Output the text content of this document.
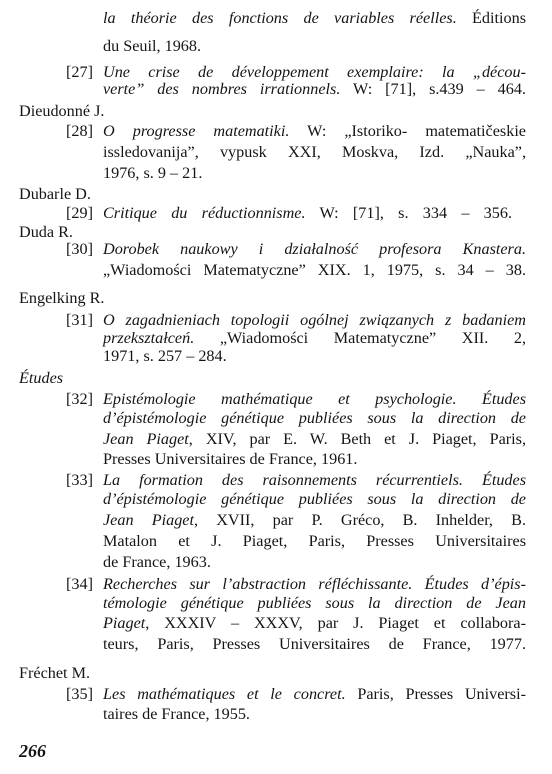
la théorie des fonctions de variables réelles. Éditions
du Seuil, 1968.
[27] Une crise de développement exemplaire: la „décou-
verte” des nombres irrationnels. W: [71], s.439 – 464.
Dieudonné J.
[28] O progresse matematiki. W: „Istoriko- matematičeskie
issledovanija”, vypusk XXI, Moskva, Izd. „Nauka”,
1976, s. 9 – 21.
Dubarle D.
[29] Critique du réductionnisme. W: [71], s. 334 – 356.
Duda R.
[30] Dorobek naukowy i działalność profesora Knastera.
„Wiadomości Matematyczne” XIX. 1, 1975, s. 34 – 38.
Engelking R.
[31] O zagadnieniach topologii ogólnej związanych z badaniem
przekształceń. „Wiadomości Matematyczne” XII. 2,
1971, s. 257 – 284.
Études
[32] Epistémologie mathématique et psychologie. Études
d’épistémologie génétique publiées sous la direction de
Jean Piaget, XIV, par E. W. Beth et J. Piaget, Paris,
Presses Universitaires de France, 1961.
[33] La formation des raisonnements récurrentiels. Études
d’épistémologie génétique publiées sous la direction de
Jean Piaget, XVII, par P. Gréco, B. Inhelder, B.
Matalon et J. Piaget, Paris, Presses Universitaires
de France, 1963.
[34] Recherches sur l’abstraction réfléchissante. Études d’épis-
témologie génétique publiées sous la direction de Jean
Piaget, XXXIV – XXXV, par J. Piaget et collabora-
teurs, Paris, Presses Universitaires de France, 1977.
Fréchet M.
[35] Les mathématiques et le concret. Paris, Presses Universi-
taires de France, 1955.
266
